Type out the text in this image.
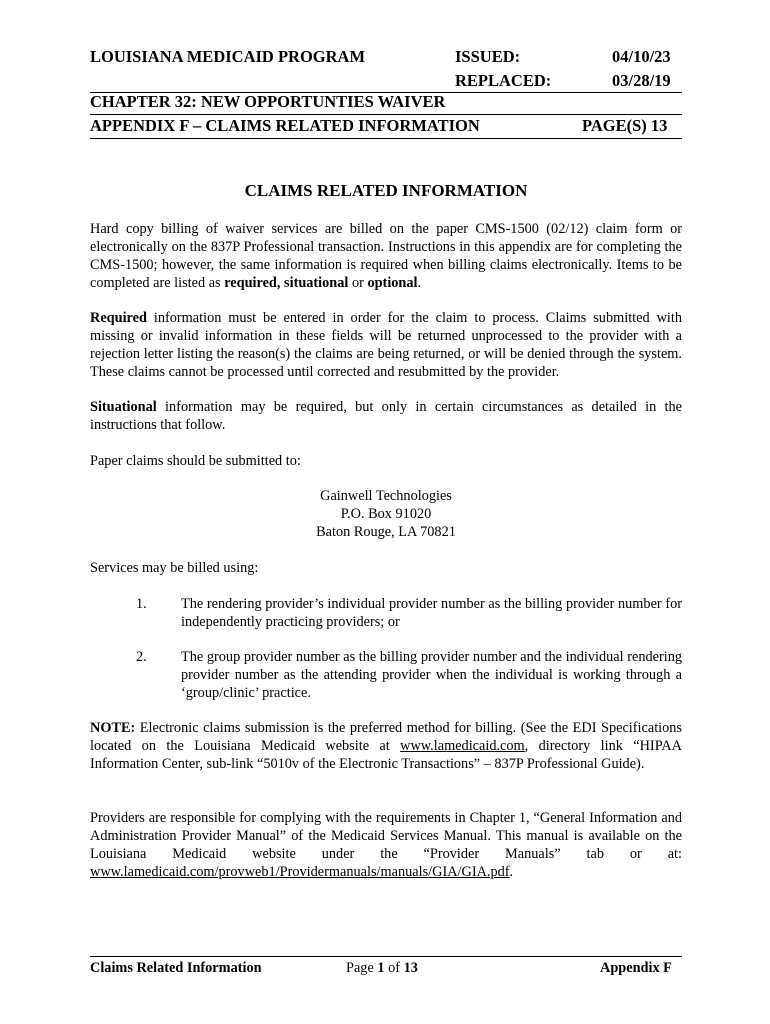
LOUISIANA MEDICAID PROGRAM	ISSUED:	04/10/23
REPLACED:	03/28/19
CHAPTER 32: NEW OPPORTUNTIES WAIVER
APPENDIX F – CLAIMS RELATED INFORMATION	PAGE(S) 13
CLAIMS RELATED INFORMATION
Hard copy billing of waiver services are billed on the paper CMS-1500 (02/12) claim form or electronically on the 837P Professional transaction. Instructions in this appendix are for completing the CMS-1500; however, the same information is required when billing claims electronically. Items to be completed are listed as required, situational or optional.
Required information must be entered in order for the claim to process. Claims submitted with missing or invalid information in these fields will be returned unprocessed to the provider with a rejection letter listing the reason(s) the claims are being returned, or will be denied through the system. These claims cannot be processed until corrected and resubmitted by the provider.
Situational information may be required, but only in certain circumstances as detailed in the instructions that follow.
Paper claims should be submitted to:
Gainwell Technologies
P.O. Box 91020
Baton Rouge, LA 70821
Services may be billed using:
1. The rendering provider’s individual provider number as the billing provider number for independently practicing providers; or
2. The group provider number as the billing provider number and the individual rendering provider number as the attending provider when the individual is working through a ‘group/clinic’ practice.
NOTE: Electronic claims submission is the preferred method for billing. (See the EDI Specifications located on the Louisiana Medicaid website at www.lamedicaid.com, directory link “HIPAA Information Center, sub-link “5010v of the Electronic Transactions” – 837P Professional Guide).
Providers are responsible for complying with the requirements in Chapter 1, “General Information and Administration Provider Manual” of the Medicaid Services Manual. This manual is available on the Louisiana Medicaid website under the “Provider Manuals” tab or at: www.lamedicaid.com/provweb1/Providermanuals/manuals/GIA/GIA.pdf.
Claims Related Information	Page 1 of 13	Appendix F
